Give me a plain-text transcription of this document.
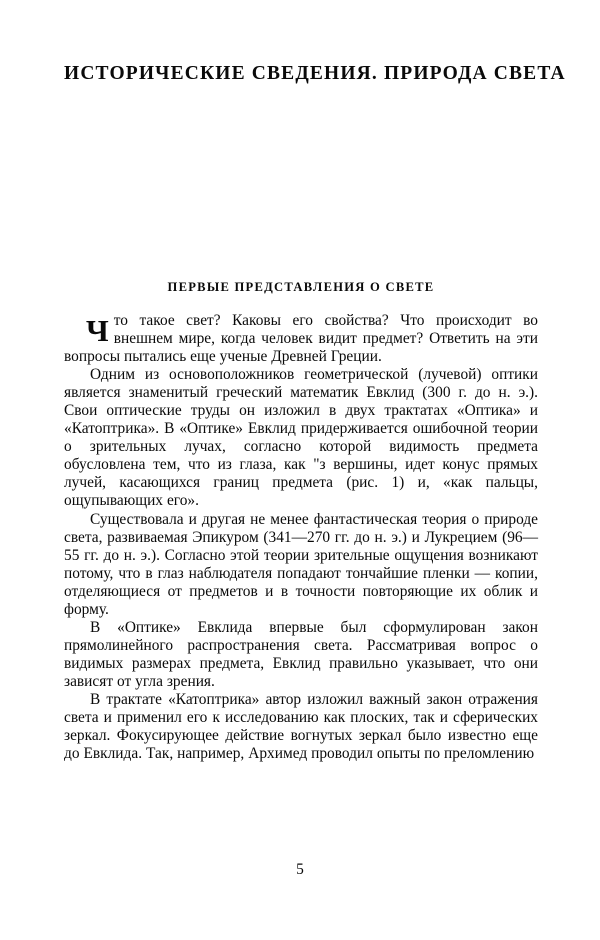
ИСТОРИЧЕСКИЕ СВЕДЕНИЯ. ПРИРОДА СВЕТА
ПЕРВЫЕ ПРЕДСТАВЛЕНИЯ О СВЕТЕ

Что такое свет? Каковы его свойства? Что происходит во внешнем мире, когда человек видит предмет? Ответить на эти вопросы пытались еще ученые Древней Греции.

Одним из основоположников геометрической (лучевой) оптики является знаменитый греческий математик Евклид (300 г. до н. э.). Свои оптические труды он изложил в двух трактатах «Оптика» и «Катоптрика». В «Оптике» Евклид придерживается ошибочной теории о зрительных лучах, согласно которой видимость предмета обусловлена тем, что из глаза, как "з вершины, идет конус прямых лучей, касающихся границ предмета (рис. 1) и, «как пальцы, ощупывающих его».

Существовала и другая не менее фантастическая теория о природе света, развиваемая Эпикуром (341—270 гг. до н. э.) и Лукрецием (96—55 гг. до н. э.). Согласно этой теории зрительные ощущения возникают потому, что в глаз наблюдателя попадают тончайшие пленки — копии, отделяющиеся от предметов и в точности повторяющие их облик и форму.

В «Оптике» Евклида впервые был сформулирован закон прямолинейного распространения света. Рассматривая вопрос о видимых размерах предмета, Евклид правильно указывает, что они зависят от угла зрения.

В трактате «Катоптрика» автор изложил важный закон отражения света и применил его к исследованию как плоских, так и сферических зеркал. Фокусирующее действие вогнутых зеркал было известно еще до Евклида. Так, например, Архимед проводил опыты по преломлению

5
